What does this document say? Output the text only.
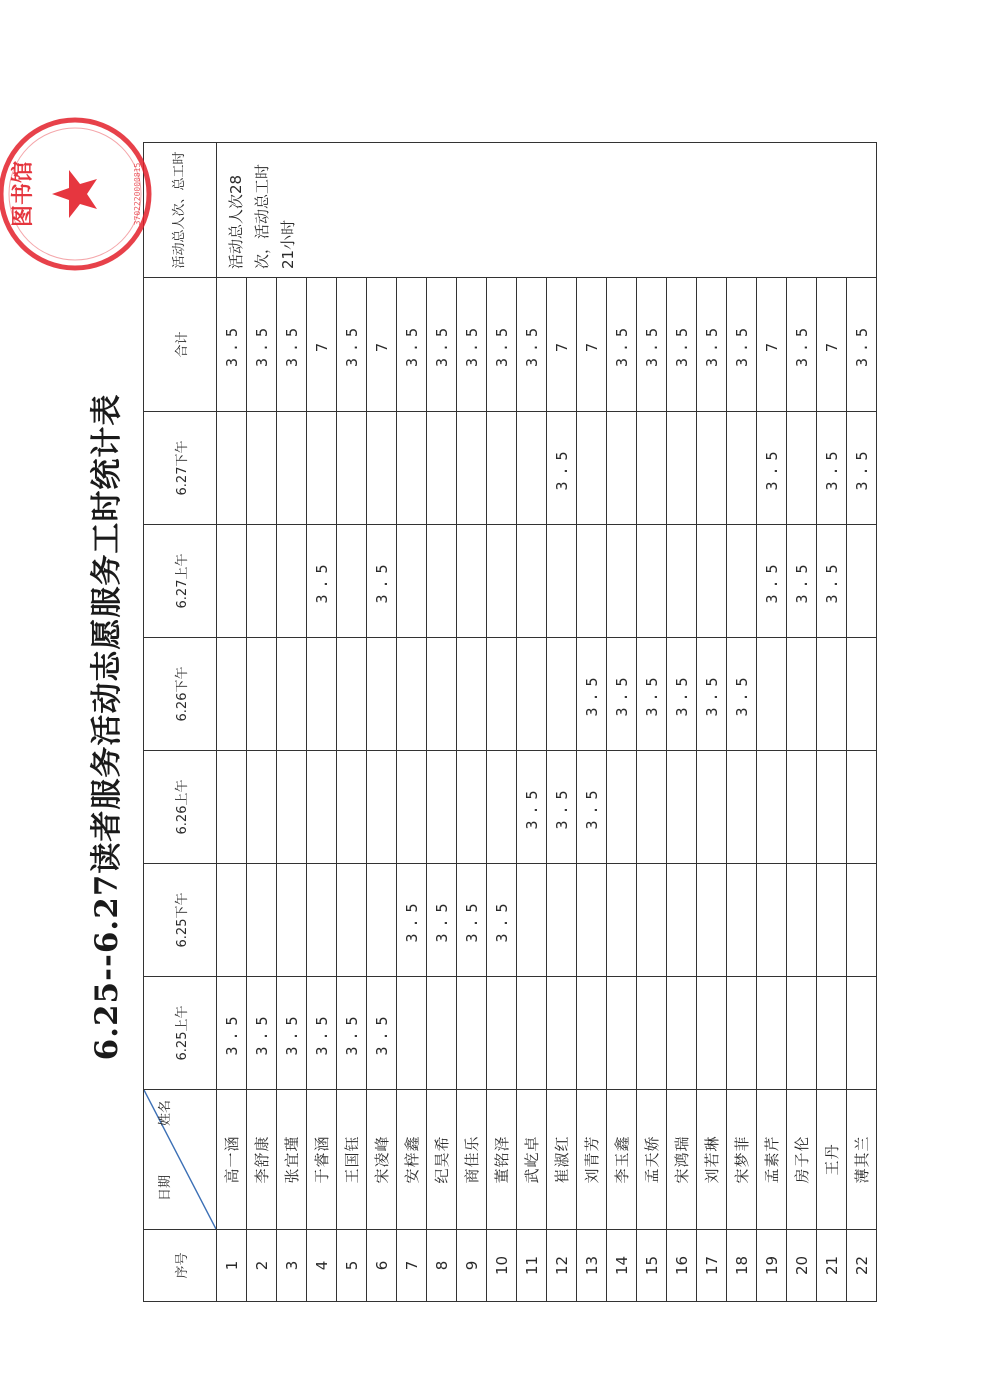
6.25--6.27读者服务活动志愿服务工时统计表
序号	日期
姓名	6.25上午	6.25下午	6.26上午	6.26下午	6.27上午	6.27下午	合计	活动总人次、总工时
1	高一涵	3.5						3.5	活动总人次28次，活动总工时21小时
2	李舒康	3.5						3.5	
3	张宜瑾	3.5						3.5	
4	于睿涵	3.5				3.5		7	
5	王国钰	3.5						3.5	
6	宋凌峰	3.5				3.5		7	
7	安梓鑫		3.5					3.5	
8	纪昊希		3.5					3.5	
9	商佳乐		3.5					3.5	
10	董铭泽		3.5					3.5	
11	武屹卓			3.5				3.5	
12	崔淑红			3.5			3.5	7	
13	刘青芳			3.5	3.5			7	
14	李玉鑫				3.5			3.5	
15	孟天娇				3.5			3.5	
16	宋鸿瑞				3.5			3.5	
17	刘若琳				3.5			3.5	
18	宋梦菲				3.5			3.5	
19	孟素芹					3.5	3.5	7	
20	房子伦					3.5		3.5	
21	王丹					3.5	3.5	7	
22	薄其兰						3.5	3.5	
图书馆	3702220000815
